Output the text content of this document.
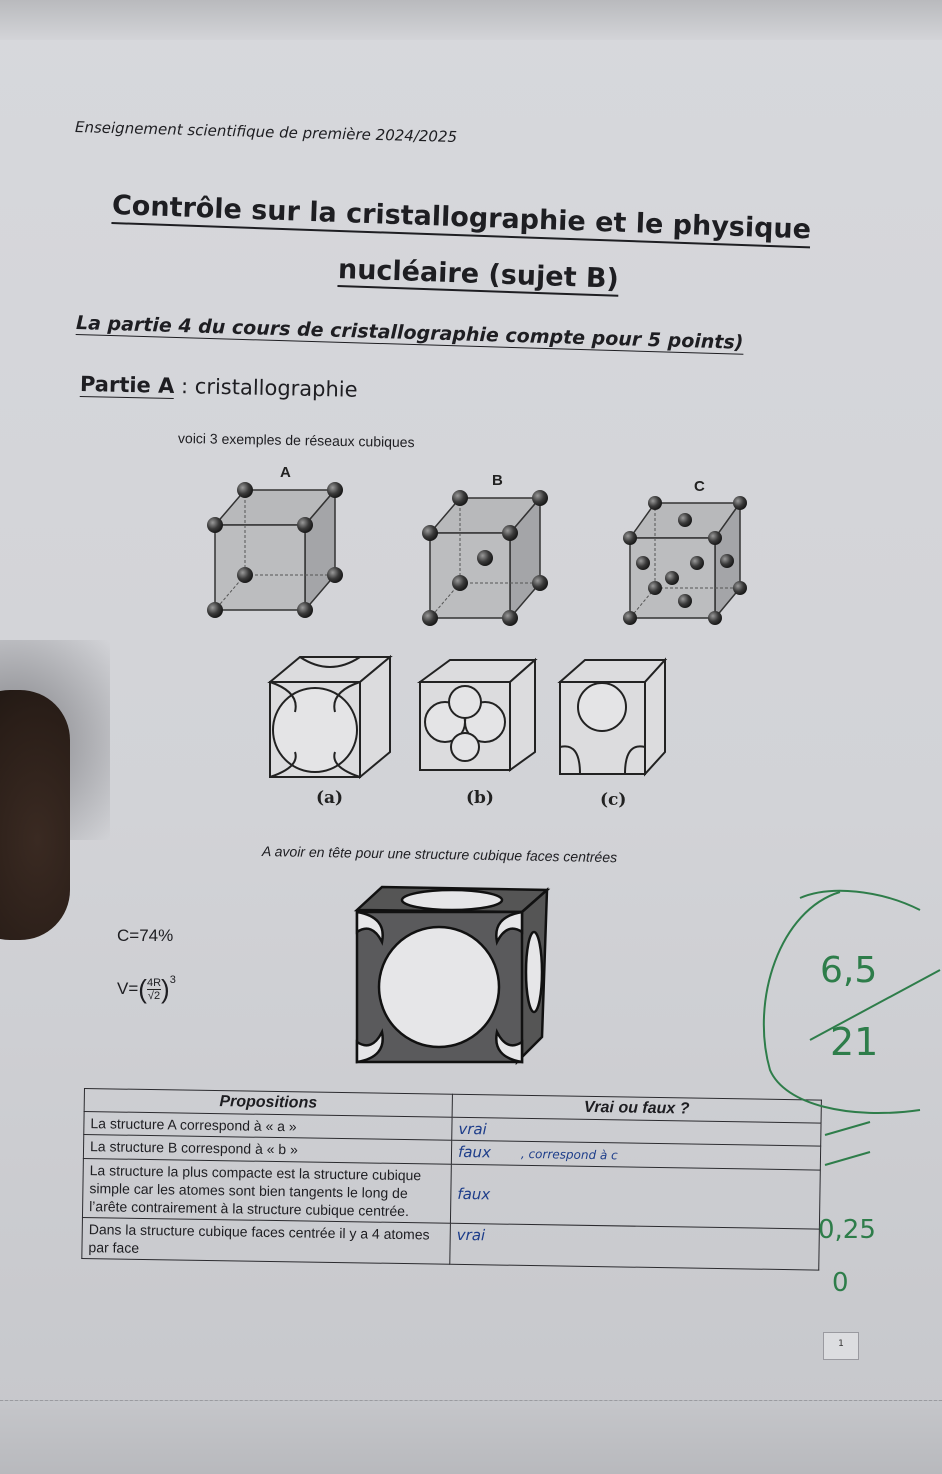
Enseignement scientifique de première 2024/2025
Contrôle sur la cristallographie et le physique
nucléaire (sujet B)
La partie 4 du cours de cristallographie compte pour 5 points)
Partie A : cristallographie
voici 3 exemples de réseaux cubiques
A	B	C
(a)	(b)	(c)
A avoir en tête pour une structure cubique faces centrées
C=74%
$V=( \frac{4R}{√2} )^3$
Propositions	Vrai ou faux ?
La structure A correspond à « a »	vrai
La structure B correspond à « b »	faux , correspond à c
La structure la plus compacte est la structure cubique simple car les atomes sont bien tangents le long de l’arête contrairement à la structure cubique centrée.	faux
Dans la structure cubique faces centrée il y a 4 atomes par face	vrai
6,5
21
0,25
0
1
